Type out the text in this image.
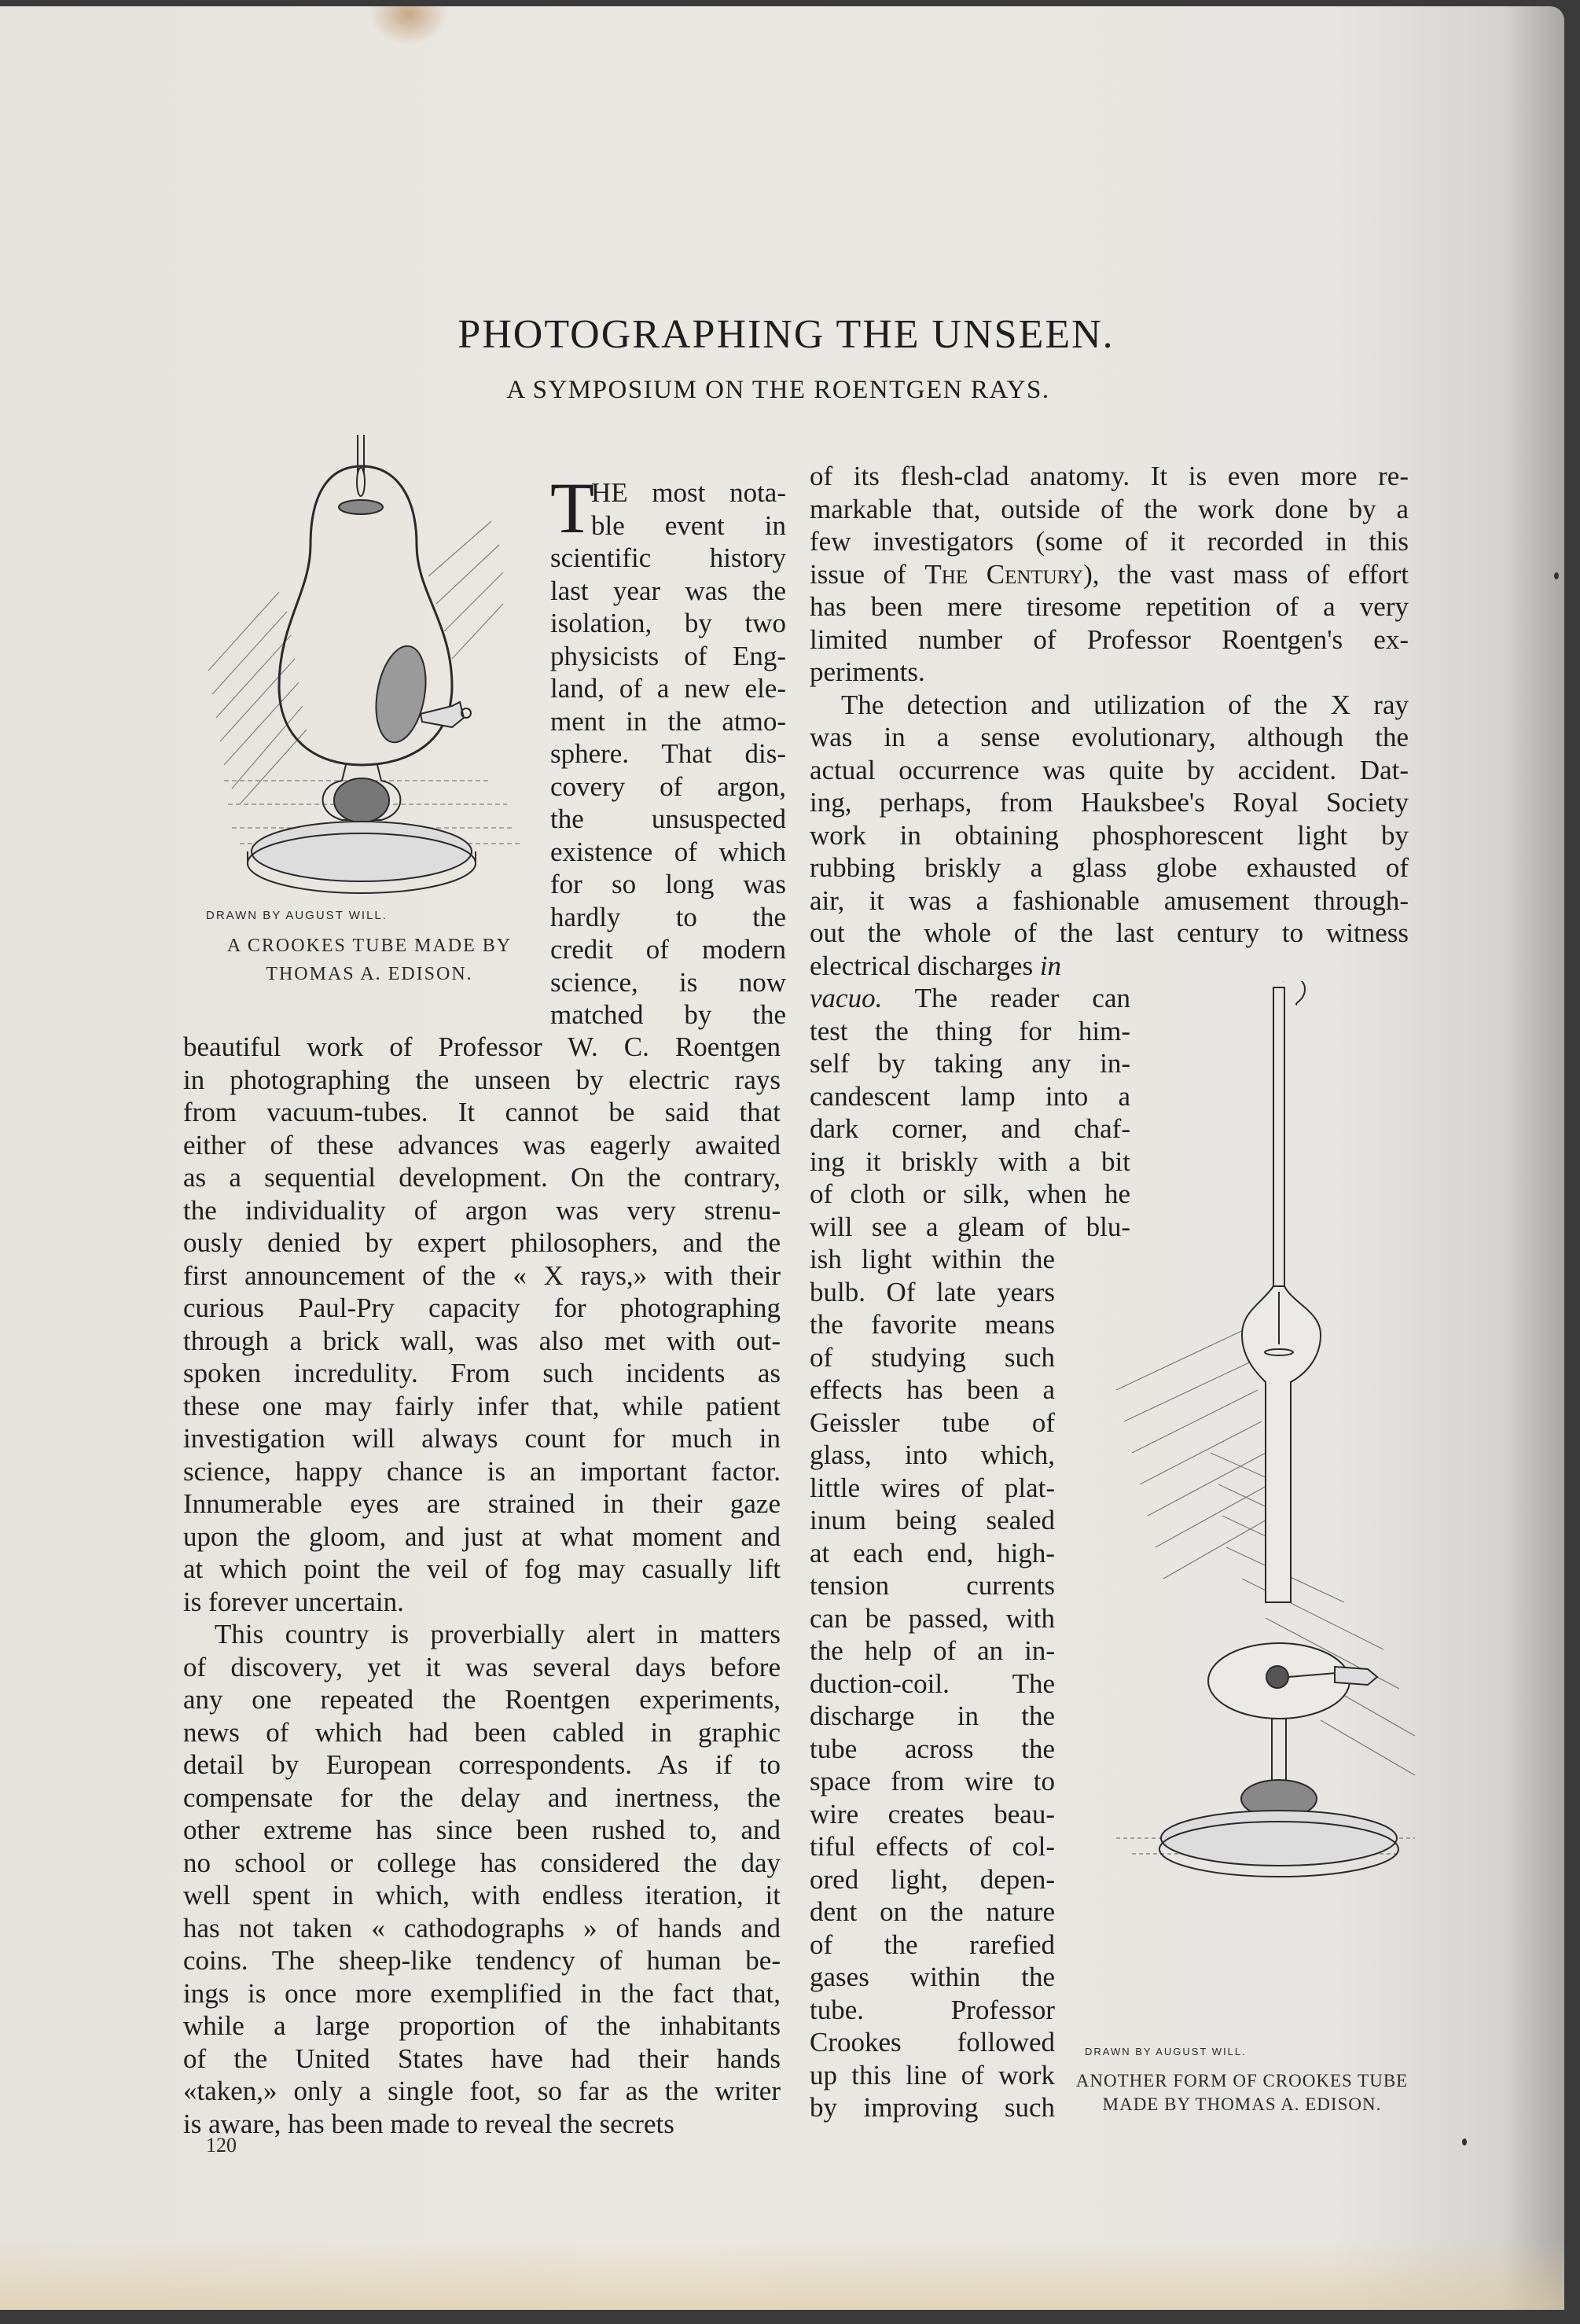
PHOTOGRAPHING THE UNSEEN.
A SYMPOSIUM ON THE ROENTGEN RAYS.
DRAWN BY AUGUST WILL.
A CROOKES TUBE MADE BY
THOMAS A. EDISON.
DRAWN BY AUGUST WILL.
ANOTHER FORM OF CROOKES TUBE
MADE BY THOMAS A. EDISON.
120
HE most nota-
ble event in
scientific history
last year was the
isolation, by two
physicists of Eng-
land, of a new ele-
ment in the atmo-
sphere. That dis-
covery of argon,
the unsuspected
existence of which
for so long was
hardly to the
credit of modern
science, is now
matched by the
T
beautiful work of Professor W. C. Roentgen
in photographing the unseen by electric rays
from vacuum-tubes. It cannot be said that
either of these advances was eagerly awaited
as a sequential development. On the contrary,
the individuality of argon was very strenu-
ously denied by expert philosophers, and the
first announcement of the « X rays,» with their
curious Paul-Pry capacity for photographing
through a brick wall, was also met with out-
spoken incredulity. From such incidents as
these one may fairly infer that, while patient
investigation will always count for much in
science, happy chance is an important factor.
Innumerable eyes are strained in their gaze
upon the gloom, and just at what moment and
at which point the veil of fog may casually lift
is forever uncertain.
This country is proverbially alert in matters
of discovery, yet it was several days before
any one repeated the Roentgen experiments,
news of which had been cabled in graphic
detail by European correspondents. As if to
compensate for the delay and inertness, the
other extreme has since been rushed to, and
no school or college has considered the day
well spent in which, with endless iteration, it
has not taken « cathodographs » of hands and
coins. The sheep-like tendency of human be-
ings is once more exemplified in the fact that,
while a large proportion of the inhabitants
of the United States have had their hands
«taken,» only a single foot, so far as the writer
is aware, has been made to reveal the secrets
of its flesh-clad anatomy. It is even more re-
markable that, outside of the work done by a
few investigators (some of it recorded in this
issue of The Century), the vast mass of effort
has been mere tiresome repetition of a very
limited number of Professor Roentgen's ex-
periments.
The detection and utilization of the X ray
was in a sense evolutionary, although the
actual occurrence was quite by accident. Dat-
ing, perhaps, from Hauksbee's Royal Society
work in obtaining phosphorescent light by
rubbing briskly a glass globe exhausted of
air, it was a fashionable amusement through-
out the whole of the last century to witness
electrical discharges in
vacuo. The reader can
test the thing for him-
self by taking any in-
candescent lamp into a
dark corner, and chaf-
ing it briskly with a bit
of cloth or silk, when he
will see a gleam of blu-
ish light within the
bulb. Of late years
the favorite means
of studying such
effects has been a
Geissler tube of
glass, into which,
little wires of plat-
inum being sealed
at each end, high-
tension currents
can be passed, with
the help of an in-
duction-coil. The
discharge in the
tube across the
space from wire to
wire creates beau-
tiful effects of col-
ored light, depen-
dent on the nature
of the rarefied
gases within the
tube. Professor
Crookes followed
up this line of work
by improving such
